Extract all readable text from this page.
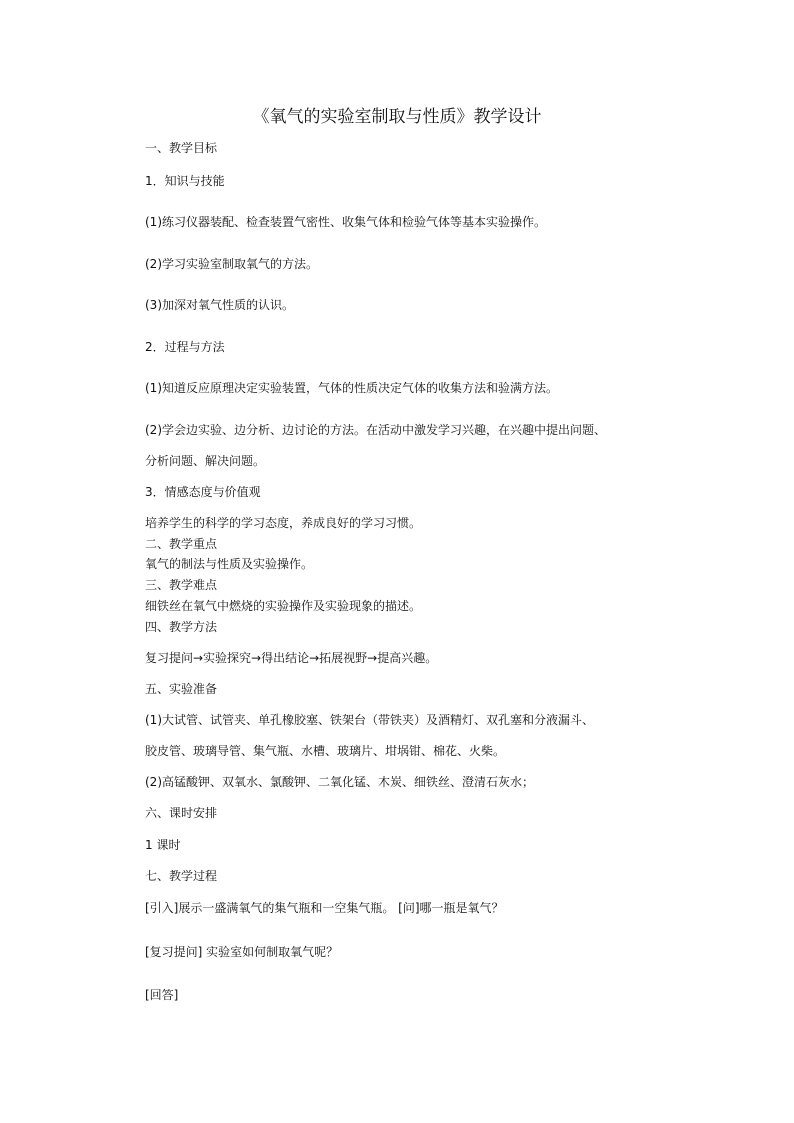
《氧气的实验室制取与性质》教学设计
一、教学目标
1．知识与技能
(1)练习仪器装配、检查装置气密性、收集气体和检验气体等基本实验操作。
(2)学习实验室制取氧气的方法。
(3)加深对氧气性质的认识。
2．过程与方法
(1)知道反应原理决定实验装置，气体的性质决定气体的收集方法和验满方法。
(2)学会边实验、边分析、边讨论的方法。在活动中激发学习兴趣，在兴趣中提出问题、
分析问题、解决问题。
3．情感态度与价值观
培养学生的科学的学习态度，养成良好的学习习惯。
二、教学重点
氧气的制法与性质及实验操作。
三、教学难点
细铁丝在氧气中燃烧的实验操作及实验现象的描述。
四、教学方法
复习提问→实验探究→得出结论→拓展视野→提高兴趣。
五、实验准备
(1)大试管、试管夹、单孔橡胶塞、铁架台（带铁夹）及酒精灯、双孔塞和分液漏斗、
胶皮管、玻璃导管、集气瓶、水槽、玻璃片、坩埚钳、棉花、火柴。
(2)高锰酸钾、双氧水、氯酸钾、二氧化锰、木炭、细铁丝、澄清石灰水；
六、课时安排
1 课时
七、教学过程
[引入]展示一盛满氧气的集气瓶和一空集气瓶。 [问]哪一瓶是氧气？
[复习提问] 实验室如何制取氧气呢？
[回答]
